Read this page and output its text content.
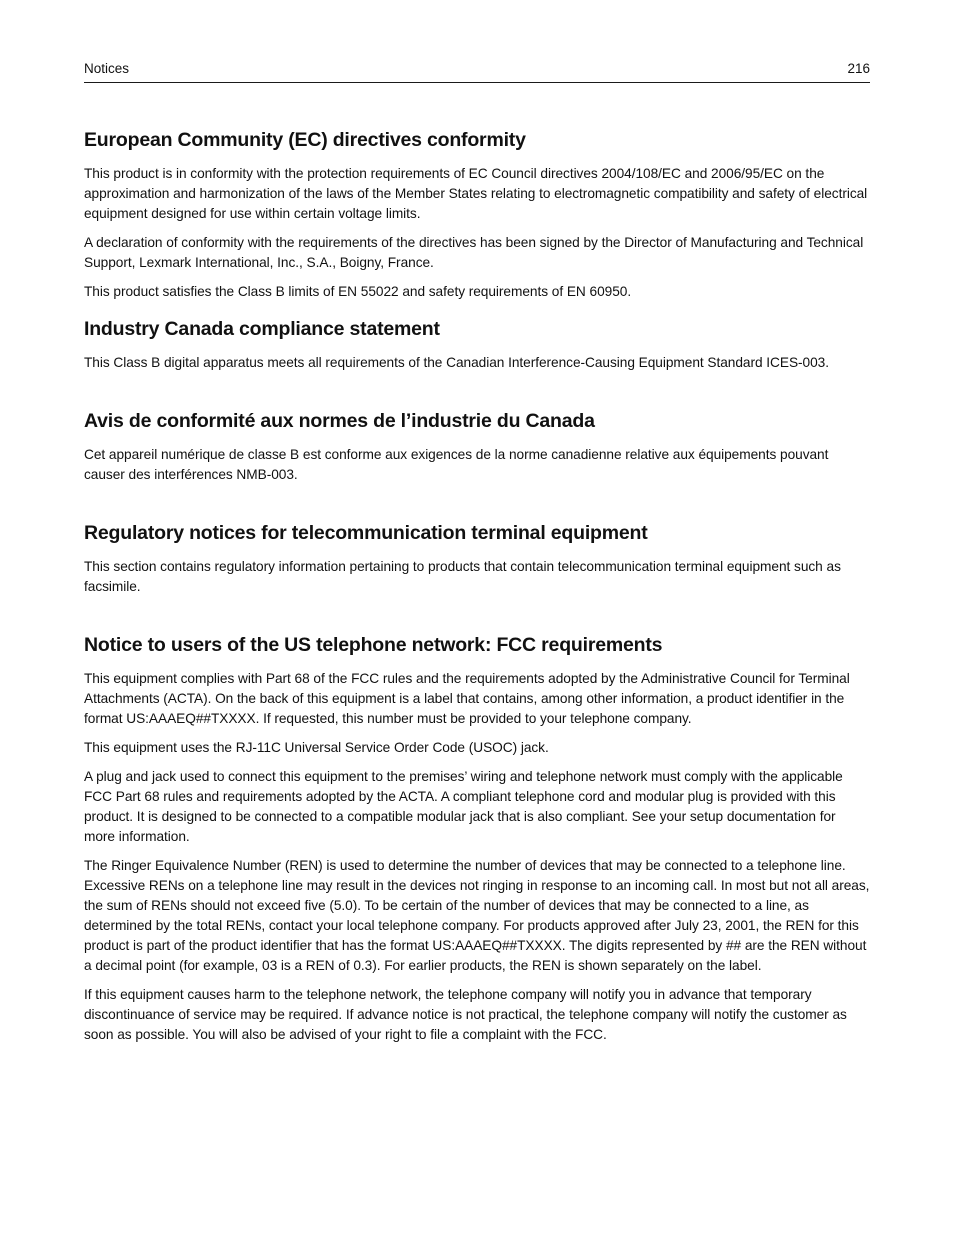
Notices	216
European Community (EC) directives conformity

This product is in conformity with the protection requirements of EC Council directives 2004/108/EC and 2006/95/EC on the approximation and harmonization of the laws of the Member States relating to electromagnetic compatibility and safety of electrical equipment designed for use within certain voltage limits.

A declaration of conformity with the requirements of the directives has been signed by the Director of Manufacturing and Technical Support, Lexmark International, Inc., S.A., Boigny, France.

This product satisfies the Class B limits of EN 55022 and safety requirements of EN 60950.

Industry Canada compliance statement

This Class B digital apparatus meets all requirements of the Canadian Interference-Causing Equipment Standard ICES-003.

Avis de conformité aux normes de l’industrie du Canada

Cet appareil numérique de classe B est conforme aux exigences de la norme canadienne relative aux équipements pouvant causer des interférences NMB-003.

Regulatory notices for telecommunication terminal equipment

This section contains regulatory information pertaining to products that contain telecommunication terminal equipment such as facsimile.

Notice to users of the US telephone network: FCC requirements

This equipment complies with Part 68 of the FCC rules and the requirements adopted by the Administrative Council for Terminal Attachments (ACTA). On the back of this equipment is a label that contains, among other information, a product identifier in the format US:AAAEQ##TXXXX. If requested, this number must be provided to your telephone company.

This equipment uses the RJ-11C Universal Service Order Code (USOC) jack.

A plug and jack used to connect this equipment to the premises’ wiring and telephone network must comply with the applicable FCC Part 68 rules and requirements adopted by the ACTA. A compliant telephone cord and modular plug is provided with this product. It is designed to be connected to a compatible modular jack that is also compliant. See your setup documentation for more information.

The Ringer Equivalence Number (REN) is used to determine the number of devices that may be connected to a telephone line. Excessive RENs on a telephone line may result in the devices not ringing in response to an incoming call. In most but not all areas, the sum of RENs should not exceed five (5.0). To be certain of the number of devices that may be connected to a line, as determined by the total RENs, contact your local telephone company. For products approved after July 23, 2001, the REN for this product is part of the product identifier that has the format US:AAAEQ##TXXXX. The digits represented by ## are the REN without a decimal point (for example, 03 is a REN of 0.3). For earlier products, the REN is shown separately on the label.

If this equipment causes harm to the telephone network, the telephone company will notify you in advance that temporary discontinuance of service may be required. If advance notice is not practical, the telephone company will notify the customer as soon as possible. You will also be advised of your right to file a complaint with the FCC.
